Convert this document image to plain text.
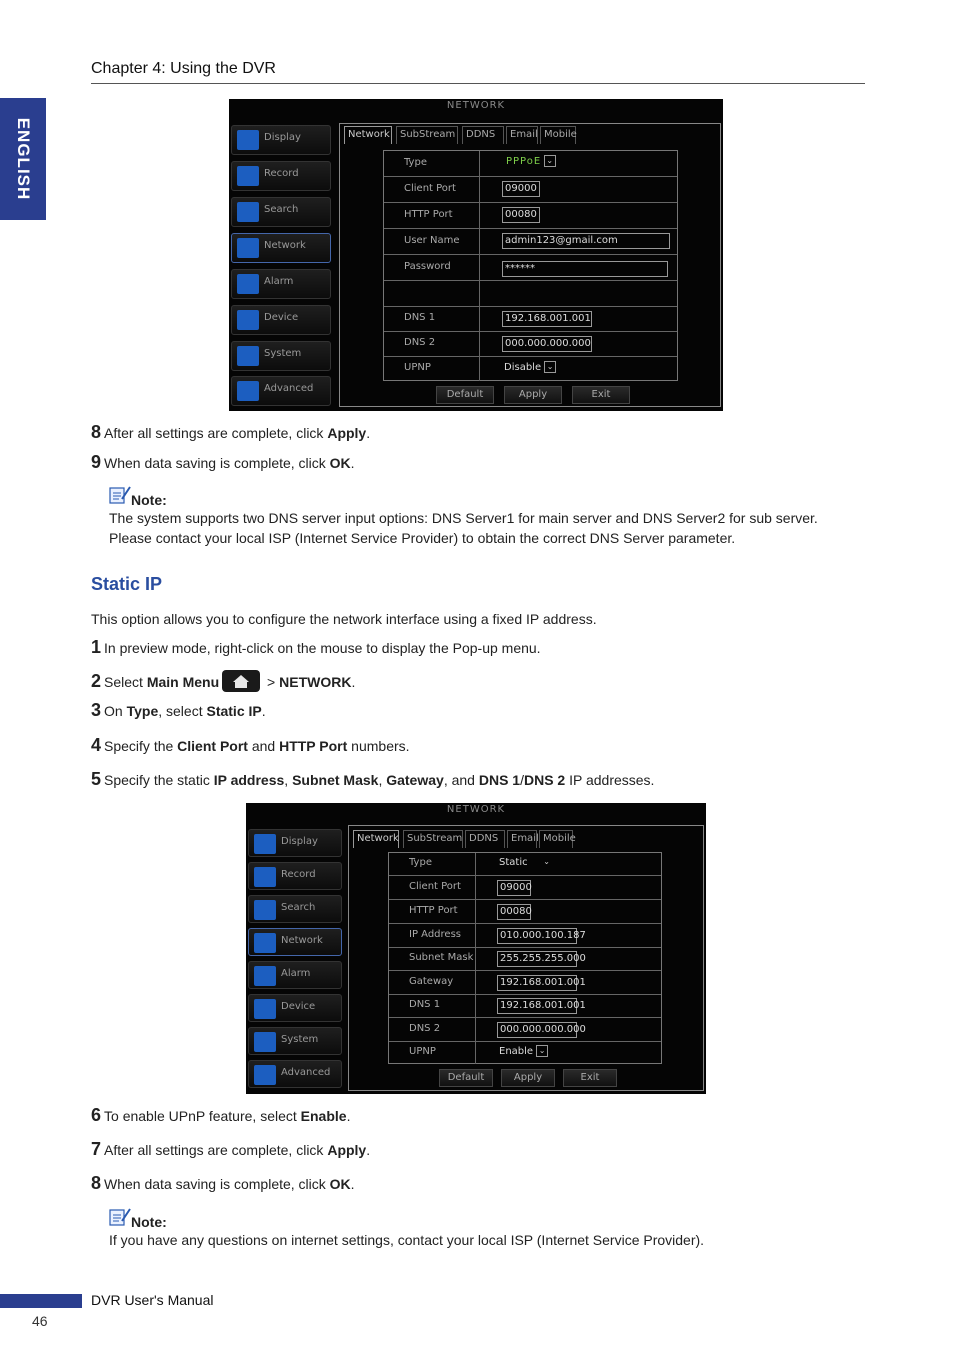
Chapter 4: Using the DVR
ENGLISH
NETWORK
Display
Record
Search
Network
Alarm
Device
System
Advanced
Network	SubStream	DDNS	Email Mobile
Type	PPPoE ⌄
Client Port	09000
HTTP Port	00080
User Name	admin123@gmail.com
Password	******
DNS 1	192.168.001.001
DNS 2	000.000.000.000
UPNP	Disable ⌄
Default	Apply	Exit
8 After all settings are complete, click Apply.
9 When data saving is complete, click OK.
Note:
The system supports two DNS server input options: DNS Server1 for main server and DNS Server2 for sub server.
Please contact your local ISP (Internet Service Provider) to obtain the correct DNS Server parameter.
Static IP
This option allows you to configure the network interface using a fixed IP address.
1 In preview mode, right-click on the mouse to display the Pop-up menu.
2 Select Main Menu	> NETWORK.
3 On Type, select Static IP.
4 Specify the Client Port and HTTP Port numbers.
5 Specify the static IP address, Subnet Mask, Gateway, and DNS 1/DNS 2 IP addresses.
NETWORK
Display
Record
Search
Network
Alarm
Device
System
Advanced
Network SubStream DDNS	Email Mobile
Type	Static ⌄
Client Port	09000
HTTP Port	00080
IP Address	010.000.100.187
Subnet Mask	255.255.255.000
Gateway	192.168.001.001
DNS 1	192.168.001.001
DNS 2	000.000.000.000
UPNP	Enable ⌄
Default	Apply	Exit
6 To enable UPnP feature, select Enable.
7 After all settings are complete, click Apply.
8 When data saving is complete, click OK.
Note:
If you have any questions on internet settings, contact your local ISP (Internet Service Provider).
DVR User's Manual
46
